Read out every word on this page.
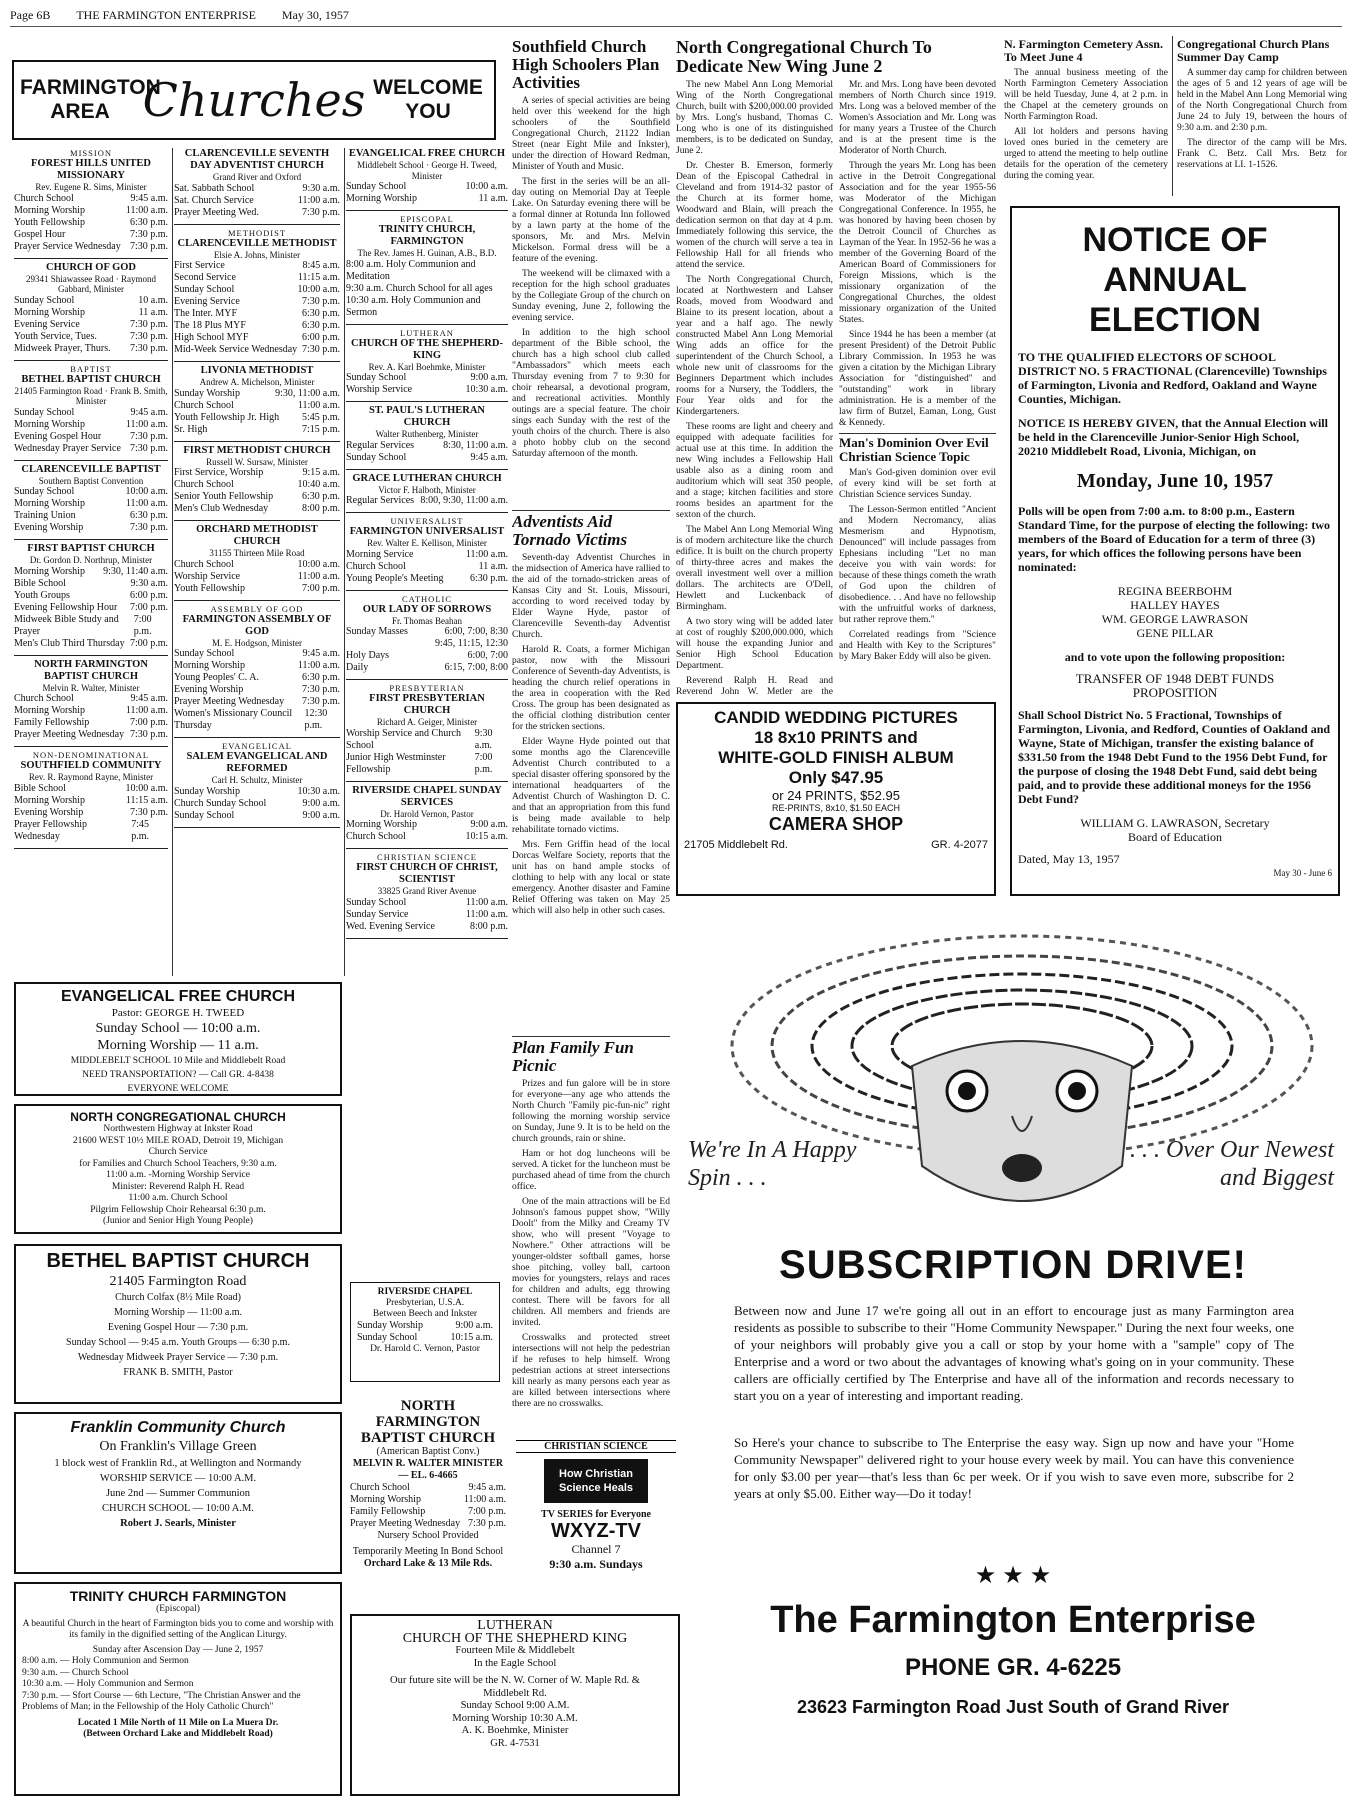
Page 6B THE FARMINGTON ENTERPRISE May 30, 1957
FARMINGTON AREA Churches WELCOME YOU
MISSION
FOREST HILLS UNITED MISSIONARY
Rev. Eugene R. Sims, Minister
Church School	9:45 a.m.
Morning Worship	11:00 a.m.
Youth Fellowship	6:30 p.m.
Gospel Hour	7:30 p.m.
Prayer Service Wednesday 7:30 p.m.
CHURCH OF GOD
29341 Shiawassee Road · Raymond Gabbard, Minister
Sunday School	10 a.m.
Morning Worship	11 a.m.
Evening Service	7:30 p.m.
Youth Service, Tues.	7:30 p.m.
Midweek Prayer, Thurs. 7:30 p.m.
BAPTIST
BETHEL BAPTIST CHURCH
21405 Farmington Road · Frank B. Smith, Minister
Sunday School	9:45 a.m.
Morning Worship	11:00 a.m.
Evening Gospel Hour	7:30 p.m.
Wednesday Prayer Service 7:30 p.m.
CLARENCEVILLE BAPTIST
Southern Baptist Convention
Sunday School	10:00 a.m.
Morning Worship	11:00 a.m.
Training Union	6:30 p.m.
Evening Worship	7:30 p.m.
FIRST BAPTIST CHURCH
Dr. Gordon D. Northrup, Minister
Morning Worship 9:30, 11:40 a.m.
Bible School	9:30 a.m.
Youth Groups	6:00 p.m.
Evening Fellowship Hour 7:00 p.m.
Midweek Bible Study and Prayer
7:00 p.m.
Men's Club Third Thursday 7:00 p.m.
NORTH FARMINGTON BAPTIST CHURCH
Melvin R. Walter, Minister
Church School	9:45 a.m.
Morning Worship	11:00 a.m.
Family Fellowship	7:00 p.m.
Prayer Meeting Wednesday 7:30 p.m.
NON-DENOMINATIONAL
SOUTHFIELD COMMUNITY
Rev. R. Raymond Rayne, Minister
Bible School	10:00 a.m.
Morning Worship	11:15 a.m.
Evening Worship	7:30 p.m.
Prayer Fellowship Wednesday
7:45 p.m.
CLARENCEVILLE SEVENTH DAY ADVENTIST CHURCH
Grand River and Oxford
Sat. Sabbath School	9:30 a.m.
Sat. Church Service	11:00 a.m.
Prayer Meeting Wed.	7:30 p.m.
METHODIST
CLARENCEVILLE METHODIST
Elsie A. Johns, Minister
First Service	8:45 a.m.
Second Service	11:15 a.m.
Sunday School	10:00 a.m.
Evening Service	7:30 p.m.
The Inter. MYF	6:30 p.m.
The 18 Plus MYF	6:30 p.m.
High School MYF	6:00 p.m.
Mid-Week Service Wednesday 7:30 p.m.
LIVONIA METHODIST
Andrew A. Michelson, Minister
Sunday Worship	9:30, 11:00 a.m.
Church School	11:00 a.m.
Youth Fellowship Jr. High 5:45 p.m.
Sr. High	7:15 p.m.
FIRST METHODIST CHURCH
Russell W. Sursaw, Minister
First Service, Worship	9:15 a.m.
Church School	10:40 a.m.
Senior Youth Fellowship	6:30 p.m.
Men's Club Wednesday	8:00 p.m.
ORCHARD METHODIST CHURCH
31155 Thirteen Mile Road
Church School	10:00 a.m.
Worship Service	11:00 a.m.
Youth Fellowship	7:00 p.m.
ASSEMBLY OF GOD
FARMINGTON ASSEMBLY OF GOD
M. E. Hodgson, Minister
Sunday School	9:45 a.m.
Morning Worship	11:00 a.m.
Young Peoples' C. A.	6:30 p.m.
Evening Worship	7:30 p.m.
Prayer Meeting Wednesday 7:30 p.m.
Women's Missionary Council Thursday
12:30 p.m.
EVANGELICAL
SALEM EVANGELICAL AND REFORMED
Carl H. Schultz, Minister
Sunday Worship	10:30 a.m.
Church Sunday School	9:00 a.m.
Sunday School	9:00 a.m.
EVANGELICAL FREE CHURCH
Middlebelt School · George H. Tweed, Minister
Sunday School	10:00 a.m.
Morning Worship	11 a.m.
EPISCOPAL
TRINITY CHURCH, FARMINGTON
The Rev. James H. Guinan, A.B., B.D.
8:00 a.m. Holy Communion and Meditation
9:30 a.m. Church School for all ages
10:30 a.m. Holy Communion and Sermon
LUTHERAN
CHURCH OF THE SHEPHERD-KING
Rev. A. Karl Boehmke, Minister
Sunday School	9:00 a.m.
Worship Service	10:30 a.m.
ST. PAUL'S LUTHERAN CHURCH
Walter Ruthenberg, Minister
Regular Services	8:30, 11:00 a.m.
Sunday School	9:45 a.m.
GRACE LUTHERAN CHURCH
Victor F. Halboth, Minister
Regular Services 8:00, 9:30, 11:00 a.m.
UNIVERSALIST
FARMINGTON UNIVERSALIST
Rev. Walter E. Kellison, Minister
Morning Service	11:00 a.m.
Church School	11 a.m.
Young People's Meeting	6:30 p.m.
CATHOLIC
OUR LADY OF SORROWS
Fr. Thomas Beahan
Sunday Masses	6:00, 7:00, 8:30
9:45, 11:15, 12:30
Holy Days	6:00, 7:00
Daily	6:15, 7:00, 8:00
PRESBYTERIAN
FIRST PRESBYTERIAN CHURCH
Richard A. Geiger, Minister
Worship Service and Church School
9:30 a.m.
Junior High Westminster Fellowship
7:00 p.m.
RIVERSIDE CHAPEL SUNDAY SERVICES
Dr. Harold Vernon, Pastor
Morning Worship	9:00 a.m.
Church School	10:15 a.m.
CHRISTIAN SCIENCE
FIRST CHURCH OF CHRIST, SCIENTIST
33825 Grand River Avenue
Sunday School	11:00 a.m.
Sunday Service	11:00 a.m.
Wed. Evening Service	8:00 p.m.
RIVERSIDE CHAPEL
Presbyterian, U.S.A.
Between Beech and Inkster
Sunday Worship	9:00 a.m.
Sunday School	10:15 a.m.
Dr. Harold C. Vernon, Pastor
NORTH FARMINGTON BAPTIST CHURCH
(American Baptist Conv.)
MELVIN R. WALTER MINISTER — EL. 6-4665
Church School	9:45 a.m.
Morning Worship	11:00 a.m.
Family Fellowship	7:00 p.m.
Prayer Meeting Wednesday 7:30 p.m.
Nursery School Provided
Temporarily Meeting In Bond School
Orchard Lake & 13 Mile Rds.
CHRISTIAN SCIENCE
How Christian Science Heals
TV SERIES for Everyone
WXYZ-TV
Channel 7
9:30 a.m. Sundays
LUTHERAN
CHURCH OF THE SHEPHERD KING
Fourteen Mile & Middlebelt
In the Eagle School
Our future site will be the N. W. Corner of W. Maple Rd. & Middlebelt Rd.
Sunday School 9:00 A.M.
Morning Worship 10:30 A.M.
A. K. Boehmke, Minister
GR. 4-7531
EVANGELICAL FREE CHURCH
Pastor: GEORGE H. TWEED
Sunday School — 10:00 a.m.
Morning Worship — 11 a.m.
MIDDLEBELT SCHOOL 10 Mile and Middlebelt Road
NEED TRANSPORTATION? — Call GR. 4-8438
EVERYONE WELCOME
NORTH CONGREGATIONAL CHURCH
Northwestern Highway at Inkster Road
21600 WEST 10½ MILE ROAD, Detroit 19, Michigan
Church Service
for Families and Church School Teachers, 9:30 a.m.
11:00 a.m. -Morning Worship Service
Minister: Reverend Ralph H. Read
11:00 a.m. Church School
Pilgrim Fellowship Choir Rehearsal 6:30 p.m.
(Junior and Senior High Young People)
BETHEL BAPTIST CHURCH
21405 Farmington Road
Church Colfax (8½ Mile Road)
Morning Worship — 11:00 a.m.
Evening Gospel Hour — 7:30 p.m.
Sunday School — 9:45 a.m. Youth Groups — 6:30 p.m.
Wednesday Midweek Prayer Service — 7:30 p.m.
FRANK B. SMITH, Pastor
Franklin Community Church
On Franklin's Village Green
1 block west of Franklin Rd., at Wellington and Normandy
WORSHIP SERVICE — 10:00 A.M.
June 2nd — Summer Communion
CHURCH SCHOOL — 10:00 A.M.
Robert J. Searls, Minister
TRINITY CHURCH FARMINGTON
(Episcopal)
A beautiful Church in the heart of Farmington bids you to come and worship with its family in the dignified setting of the Anglican Liturgy.
Sunday after Ascension Day — June 2, 1957
8:00 a.m. — Holy Communion and Sermon
9:30 a.m. — Church School
10:30 a.m. — Holy Communion and Sermon
7:30 p.m. — Sfort Course — 6th Lecture, "The Christian Answer and the Problems of Man; in the Fellowship of the Holy Catholic Church"
Located 1 Mile North of 11 Mile on La Muera Dr.
(Between Orchard Lake and Middlebelt Road)
Southfield Church High Schoolers Plan Activities

A series of special activities are being held over this weekend for the high schoolers of the Southfield Congregational Church, 21122 Indian Street (near Eight Mile and Inkster), under the direction of Howard Redman, Minister of Youth and Music.

The first in the series will be an all-day outing on Memorial Day at Teeple Lake. On Saturday evening there will be a formal dinner at Rotunda Inn followed by a lawn party at the home of the sponsors, Mr. and Mrs. Melvin Mickelson. Formal dress will be a feature of the evening.

The weekend will be climaxed with a reception for the high school graduates by the Collegiate Group of the church on Sunday evening, June 2, following the evening service.

In addition to the high school department of the Bible school, the church has a high school club called "Ambassadors" which meets each Thursday evening from 7 to 9:30 for choir rehearsal, a devotional program, and recreational activities. Monthly outings are a special feature. The choir sings each Sunday with the rest of the youth choirs of the church. There is also a photo hobby club on the second Saturday afternoon of the month.

Adventists Aid Tornado Victims

Seventh-day Adventist Churches in the midsection of America have rallied to the aid of the tornado-stricken areas of Kansas City and St. Louis, Missouri, according to word received today by Elder Wayne Hyde, pastor of Clarenceville Seventh-day Adventist Church.

Harold R. Coats, a former Michigan pastor, now with the Missouri Conference of Seventh-day Adventists, is heading the church relief operations in the area in cooperation with the Red Cross. The group has been designated as the official clothing distribution center for the stricken sections.

Elder Wayne Hyde pointed out that some months ago the Clarenceville Adventist Church contributed to a special disaster offering sponsored by the international headquarters of the Adventist Church of Washington D. C. and that an appropriation from this fund is being made available to help rehabilitate tornado victims.

Mrs. Fern Griffin head of the local Dorcas Welfare Society, reports that the unit has on hand ample stocks of clothing to help with any local or state emergency. Another disaster and Famine Relief Offering was taken on May 25 which will also help in other such cases.

Plan Family Fun Picnic

Prizes and fun galore will be in store for everyone—any age who attends the North Church "Family pic-fun-nic" right following the morning worship service on Sunday, June 9. It is to be held on the church grounds, rain or shine.

Ham or hot dog luncheons will be served. A ticket for the luncheon must be purchased ahead of time from the church office.

One of the main attractions will be Ed Johnson's famous puppet show, "Willy Doolt" from the Milky and Creamy TV show, who will present "Voyage to Nowhere." Other attractions will be younger-oldster softball games, horse shoe pitching, volley ball, cartoon movies for youngsters, relays and races for children and adults, egg throwing contest. There will be favors for all children. All members and friends are invited.

Crosswalks and protected street intersections will not help the pedestrian if he refuses to help himself. Wrong pedestrian actions at street intersections kill nearly as many persons each year as are killed between intersections where there are no crosswalks.

North Congregational Church To Dedicate New Wing June 2

The new Mabel Ann Long Memorial Wing of the North Congregational Church, built with $200,000.00 provided by Mrs. Long's husband, Thomas C. Long who is one of its distinguished members, is to be dedicated on Sunday, June 2.

Dr. Chester B. Emerson, formerly Dean of the Episcopal Cathedral in Cleveland and from 1914-32 pastor of the Church at its former home, Woodward and Blain, will preach the dedication sermon on that day at 4 p.m. Immediately following this service, the women of the church will serve a tea in Fellowship Hall for all friends who attend the service.

The North Congregational Church, located at Northwestern and Lahser Roads, moved from Woodward and Blaine to its present location, about a year and a half ago. The newly constructed Mabel Ann Long Memorial Wing adds an office for the superintendent of the Church School, a whole new unit of classrooms for the Beginners Department which includes rooms for a Nursery, the Toddlers, the Four Year olds and for the Kindergarteners.

These rooms are light and cheery and equipped with adequate facilities for actual use at this time. In addition the new Wing includes a Fellowship Hall usable also as a dining room and auditorium which will seat 350 people, and a stage; kitchen facilities and store rooms besides an apartment for the sexton of the church.

The Mabel Ann Long Memorial Wing is of modern architecture like the church edifice. It is built on the church property of thirty-three acres and makes the overall investment well over a million dollars. The architects are O'Dell, Hewlett and Luckenback of Birmingham.

A two story wing will be added later at cost of roughly $200,000.000, which will house the expanding Junior and Senior High School Education Department.

Reverend Ralph H. Read and Reverend John W. Metler are the

Mr. and Mrs. Long have been devoted members of North Church since 1919. Mrs. Long was a beloved member of the Women's Association and Mr. Long was for many years a Trustee of the Church and is at the present time is the Moderator of North Church.

Through the years Mr. Long has been active in the Detroit Congregational Association and for the year 1955-56 was Moderator of the Michigan Congregational Conference. In 1955, he was honored by having been chosen by the Detroit Council of Churches as Layman of the Year. In 1952-56 he was a member of the Governing Board of the American Board of Commissioners for Foreign Missions, which is the missionary organization of the Congregational Churches, the oldest missionary organization of the United States.

Since 1944 he has been a member (at present President) of the Detroit Public Library Commission. In 1953 he was given a citation by the Michigan Library Association for "distinguished" and "outstanding" work in library administration. He is a member of the law firm of Butzel, Eaman, Long, Gust & Kennedy.

Man's Dominion Over Evil Christian Science Topic

Man's God-given dominion over evil of every kind will be set forth at Christian Science services Sunday.

The Lesson-Sermon entitled "Ancient and Modern Necromancy, alias Mesmerism and Hypnotism, Denounced" will include passages from Ephesians including "Let no man deceive you with vain words: for because of these things cometh the wrath of God upon the children of disobedience. . . And have no fellowship with the unfruitful works of darkness, but rather reprove them."

Correlated readings from "Science and Health with Key to the Scriptures" by Mary Baker Eddy will also be given.

CANDID WEDDING PICTURES
18 8x10 PRINTS and
WHITE-GOLD FINISH ALBUM
Only $47.95
or 24 PRINTS, $52.95
RE-PRINTS, 8x10, $1.50 EACH
CAMERA SHOP
21705 Middlebelt Rd.	GR. 4-2077
N. Farmington Cemetery Assn. To Meet June 4

The annual business meeting of the North Farmington Cemetery Association will be held Tuesday, June 4, at 2 p.m. in the Chapel at the cemetery grounds on North Farmington Road.

All lot holders and persons having loved ones buried in the cemetery are urged to attend the meeting to help outline details for the operation of the cemetery during the coming year.

Congregational Church Plans Summer Day Camp

A summer day camp for children between the ages of 5 and 12 years of age will be held in the Mabel Ann Long Memorial wing of the North Congregational Church from June 24 to July 19, between the hours of 9:30 a.m. and 2:30 p.m.

The director of the camp will be Mrs. Frank C. Betz. Call Mrs. Betz for reservations at LI. 1-1526.

NOTICE OF
ANNUAL ELECTION
TO THE QUALIFIED ELECTORS OF SCHOOL DISTRICT NO. 5 FRACTIONAL (Clarenceville) Townships of Farmington, Livonia and Redford, Oakland and Wayne Counties, Michigan.
NOTICE IS HEREBY GIVEN, that the Annual Election will be held in the Clarenceville Junior-Senior High School, 20210 Middlebelt Road, Livonia, Michigan, on
Monday, June 10, 1957
Polls will be open from 7:00 a.m. to 8:00 p.m., Eastern Standard Time, for the purpose of electing the following: two members of the Board of Education for a term of three (3) years, for which offices the following persons have been nominated:
REGINA BEERBOHM
HALLEY HAYES
WM. GEORGE LAWRASON
GENE PILLAR
and to vote upon the following proposition:
TRANSFER OF 1948 DEBT FUNDS PROPOSITION
Shall School District No. 5 Fractional, Townships of Farmington, Livonia, and Redford, Counties of Oakland and Wayne, State of Michigan, transfer the existing balance of $331.50 from the 1948 Debt Fund to the 1956 Debt Fund, for the purpose of closing the 1948 Debt Fund, said debt being paid, and to provide these additional moneys for the 1956 Debt Fund?
WILLIAM G. LAWRASON, Secretary
Board of Education
Dated, May 13, 1957
May 30 - June 6
We're In A Happy Spin . . .
. . . Over Our Newest and Biggest
SUBSCRIPTION DRIVE!
Between now and June 17 we're going all out in an effort to encourage just as many Farmington area residents as possible to subscribe to their "Home Community Newspaper." During the next four weeks, one of your neighbors will probably give you a call or stop by your home with a "sample" copy of The Enterprise and a word or two about the advantages of knowing what's going on in your community. These callers are officially certified by The Enterprise and have all of the information and records necessary to start you on a year of interesting and important reading.
So Here's your chance to subscribe to The Enterprise the easy way. Sign up now and have your "Home Community Newspaper" delivered right to your house every week by mail. You can have this convenience for only $3.00 per year—that's less than 6c per week. Or if you wish to save even more, subscribe for 2 years at only $5.00. Either way—Do it today!
★ ★ ★
The Farmington Enterprise
PHONE GR. 4-6225
23623 Farmington Road Just South of Grand River
